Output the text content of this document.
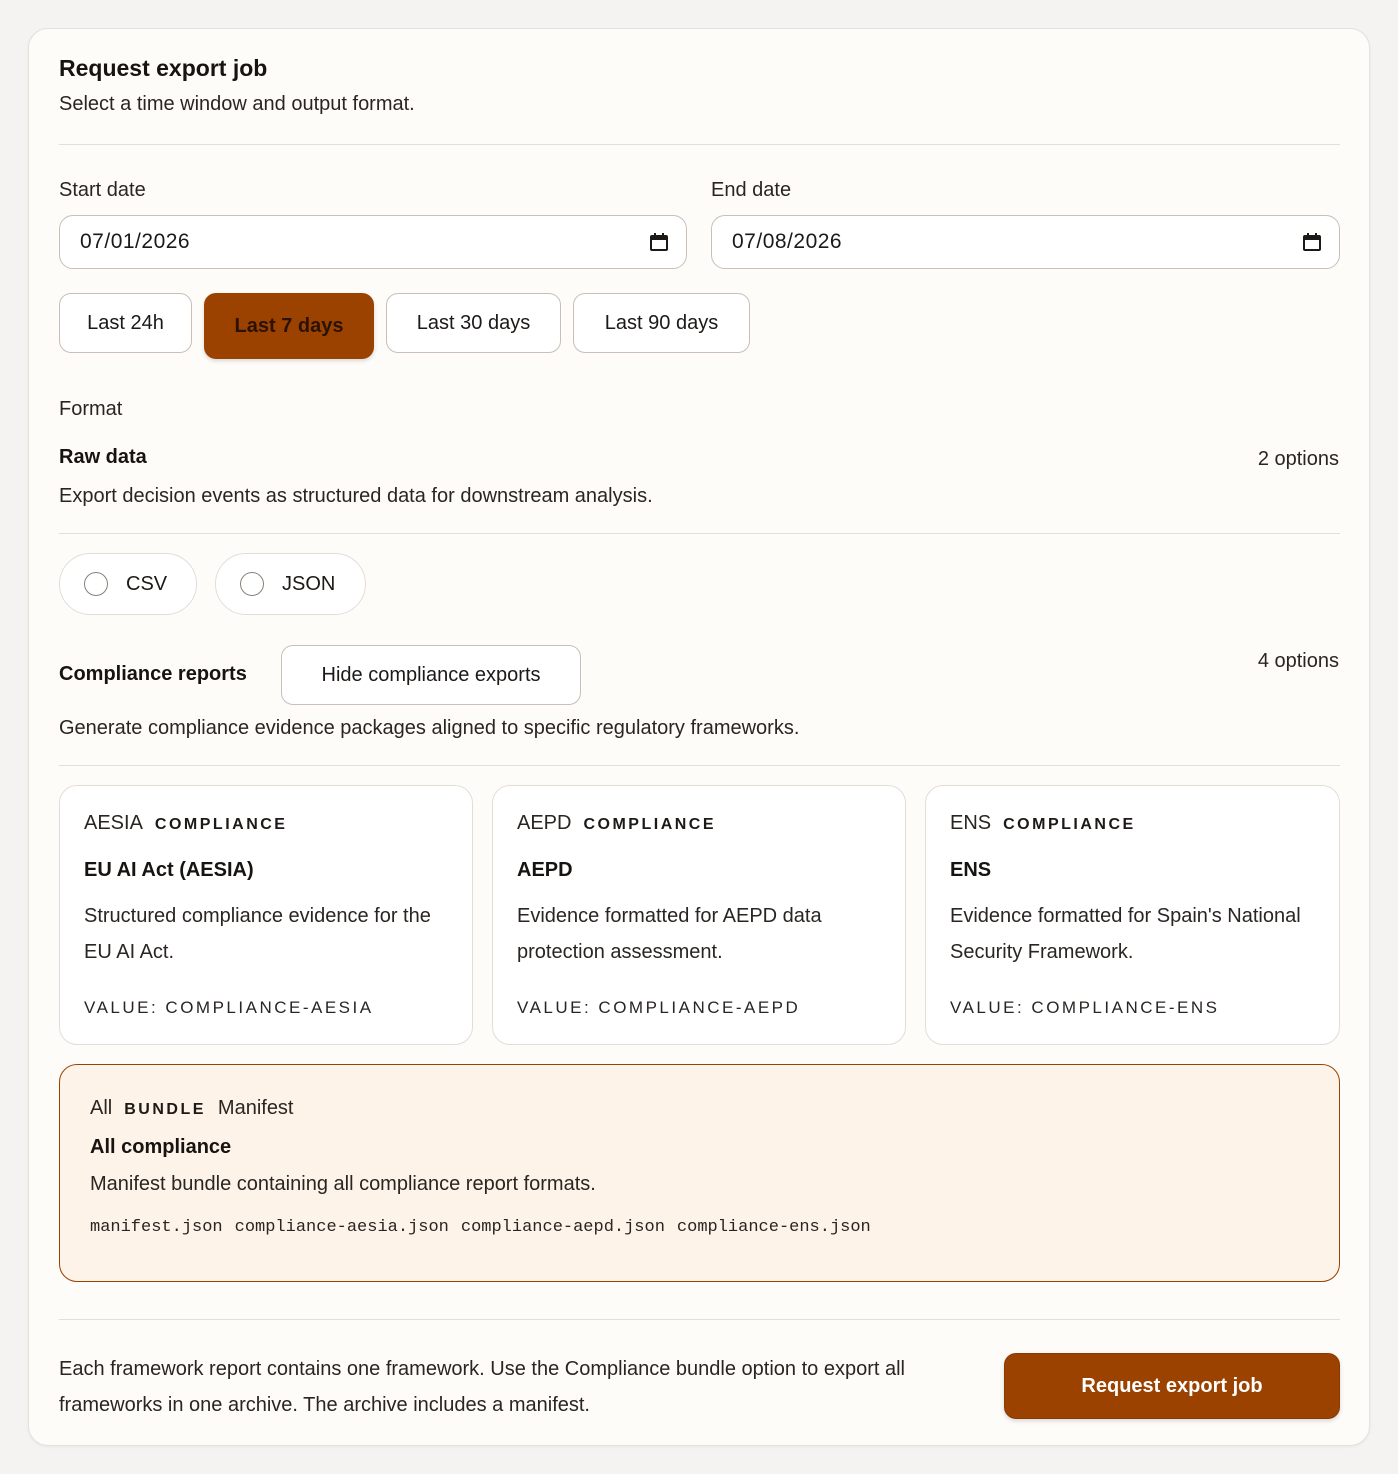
Request export job
Select a time window and output format.
Start date
07/01/2026
End date
07/08/2026
Last 24h	Last 7 days	Last 30 days	Last 90 days
Format
Raw data	2 options
Export decision events as structured data for downstream analysis.
CSV	JSON
Compliance reports	Hide compliance exports
4 options
Generate compliance evidence packages aligned to specific regulatory frameworks.
AESIA COMPLIANCE
EU AI Act (AESIA)
Structured compliance evidence for the EU AI Act.
VALUE: COMPLIANCE-AESIA
AEPD COMPLIANCE
AEPD
Evidence formatted for AEPD data protection assessment.
VALUE: COMPLIANCE-AEPD
ENS COMPLIANCE
ENS
Evidence formatted for Spain's National Security Framework.
VALUE: COMPLIANCE-ENS
All BUNDLE Manifest
All compliance
Manifest bundle containing all compliance report formats.
manifest.json compliance-aesia.json compliance-aepd.json compliance-ens.json
Each framework report contains one framework. Use the Compliance bundle option to export all frameworks in one archive. The archive includes a manifest.
Request export job
